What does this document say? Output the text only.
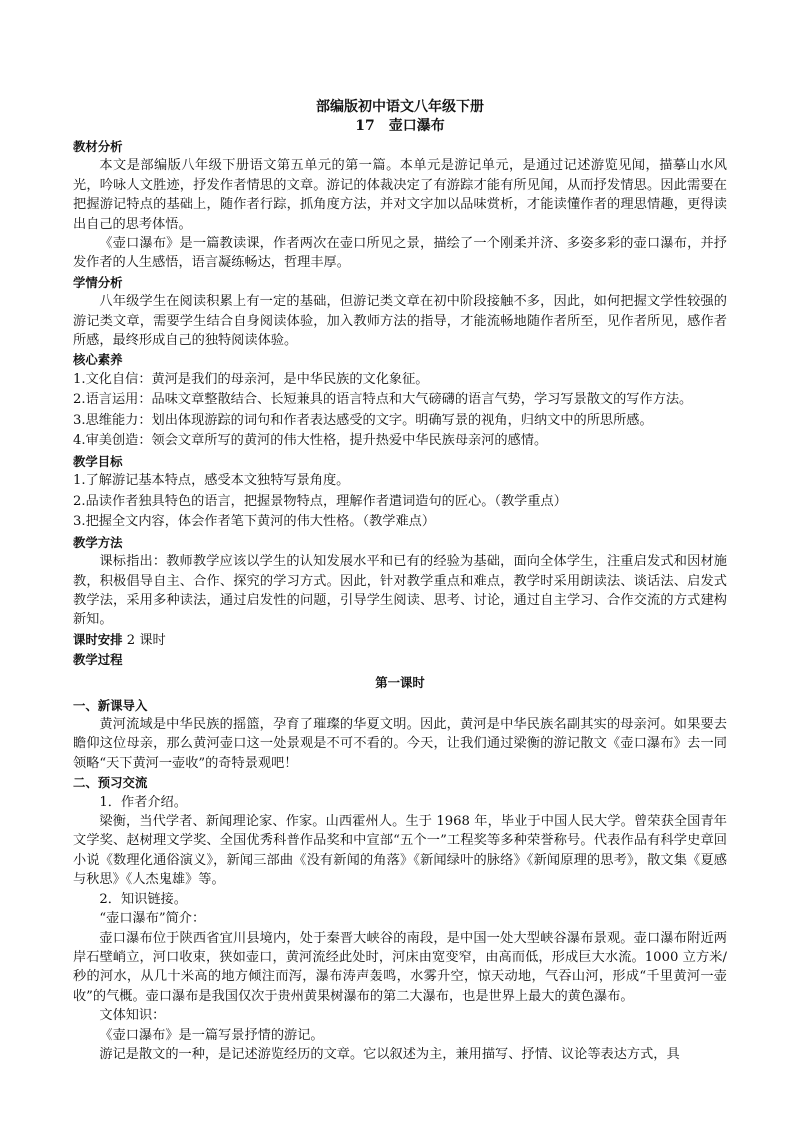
部编版初中语文八年级下册
17　壶口瀑布
教材分析
本文是部编版八年级下册语文第五单元的第一篇。本单元是游记单元，是通过记述游览见闻，描摹山水风光，吟咏人文胜迹，抒发作者情思的文章。游记的体裁决定了有游踪才能有所见闻，从而抒发情思。因此需要在把握游记特点的基础上，随作者行踪，抓角度方法，并对文字加以品味赏析，才能读懂作者的理思情趣，更得读出自己的思考体悟。
《壶口瀑布》是一篇教读课，作者两次在壶口所见之景，描绘了一个刚柔并济、多姿多彩的壶口瀑布，并抒发作者的人生感悟，语言凝练畅达，哲理丰厚。
学情分析
八年级学生在阅读积累上有一定的基础，但游记类文章在初中阶段接触不多，因此，如何把握文学性较强的游记类文章，需要学生结合自身阅读体验，加入教师方法的指导，才能流畅地随作者所至，见作者所见，感作者所感，最终形成自己的独特阅读体验。
核心素养
1.文化自信：黄河是我们的母亲河，是中华民族的文化象征。
2.语言运用：品味文章整散结合、长短兼具的语言特点和大气磅礴的语言气势，学习写景散文的写作方法。
3.思维能力：划出体现游踪的词句和作者表达感受的文字。明确写景的视角，归纳文中的所思所感。
4.审美创造：领会文章所写的黄河的伟大性格，提升热爱中华民族母亲河的感情。
教学目标
1.了解游记基本特点，感受本文独特写景角度。
2.品读作者独具特色的语言，把握景物特点，理解作者遣词造句的匠心。（教学重点）
3.把握全文内容，体会作者笔下黄河的伟大性格。（教学难点）
教学方法
课标指出：教师教学应该以学生的认知发展水平和已有的经验为基础，面向全体学生，注重启发式和因材施教，积极倡导自主、合作、探究的学习方式。因此，针对教学重点和难点，教学时采用朗读法、谈话法、启发式教学法，采用多种读法，通过启发性的问题，引导学生阅读、思考、讨论，通过自主学习、合作交流的方式建构新知。
课时安排 2 课时
教学过程
第一课时
一、新课导入
黄河流域是中华民族的摇篮，孕育了璀璨的华夏文明。因此，黄河是中华民族名副其实的母亲河。如果要去瞻仰这位母亲，那么黄河壶口这一处景观是不可不看的。今天，让我们通过梁衡的游记散文《壶口瀑布》去一同领略“天下黄河一壶收”的奇特景观吧！
二、预习交流
1．作者介绍。
梁衡，当代学者、新闻理论家、作家。山西霍州人。生于 1968 年，毕业于中国人民大学。曾荣获全国青年文学奖、赵树理文学奖、全国优秀科普作品奖和中宣部“五个一”工程奖等多种荣誉称号。代表作品有科学史章回小说《数理化通俗演义》，新闻三部曲《没有新闻的角落》《新闻绿叶的脉络》《新闻原理的思考》，散文集《夏感与秋思》《人杰鬼雄》等。
2．知识链接。
“壶口瀑布”简介：
壶口瀑布位于陕西省宜川县境内，处于秦晋大峡谷的南段，是中国一处大型峡谷瀑布景观。壶口瀑布附近两岸石壁峭立，河口收束，狭如壶口，黄河流经此处时，河床由宽变窄，由高而低，形成巨大水流。1000 立方米/秒的河水，从几十米高的地方倾注而泻，瀑布涛声轰鸣，水雾升空，惊天动地，气吞山河，形成“千里黄河一壶收”的气概。壶口瀑布是我国仅次于贵州黄果树瀑布的第二大瀑布，也是世界上最大的黄色瀑布。
文体知识：
《壶口瀑布》是一篇写景抒情的游记。
游记是散文的一种，是记述游览经历的文章。它以叙述为主，兼用描写、抒情、议论等表达方式，具
